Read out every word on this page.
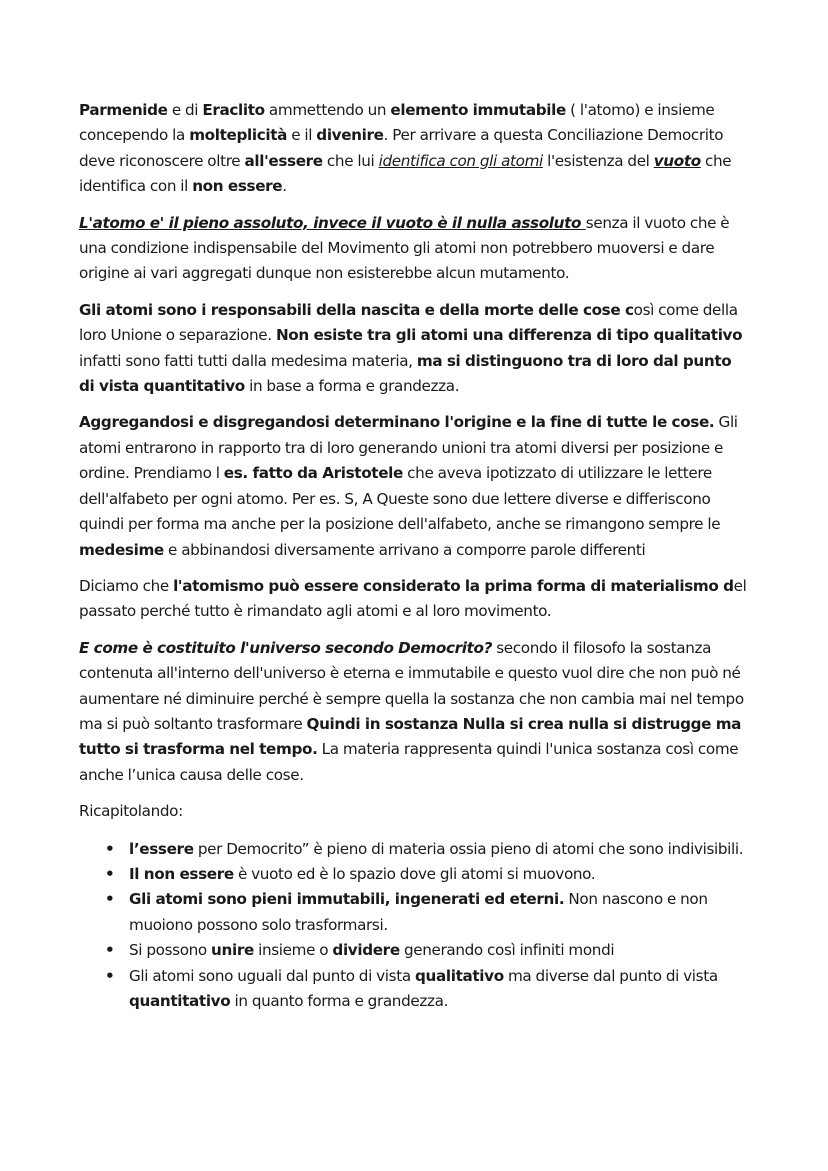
Parmenide e di Eraclito ammettendo un elemento immutabile ( l'atomo) e insieme concependo la molteplicità e il divenire. Per arrivare a questa Conciliazione Democrito deve riconoscere oltre all'essere che lui identifica con gli atomi l'esistenza del vuoto che identifica con il non essere.

L'atomo e' il pieno assoluto, invece il vuoto è il nulla assoluto senza il vuoto che è una condizione indispensabile del Movimento gli atomi non potrebbero muoversi e dare origine ai vari aggregati dunque non esisterebbe alcun mutamento.

Gli atomi sono i responsabili della nascita e della morte delle cose così come della loro Unione o separazione. Non esiste tra gli atomi una differenza di tipo qualitativo infatti sono fatti tutti dalla medesima materia, ma si distinguono tra di loro dal punto di vista quantitativo in base a forma e grandezza.

Aggregandosi e disgregandosi determinano l'origine e la fine di tutte le cose. Gli atomi entrarono in rapporto tra di loro generando unioni tra atomi diversi per posizione e ordine. Prendiamo l es. fatto da Aristotele che aveva ipotizzato di utilizzare le lettere dell'alfabeto per ogni atomo. Per es. S, A Queste sono due lettere diverse e differiscono quindi per forma ma anche per la posizione dell'alfabeto, anche se rimangono sempre le medesime e abbinandosi diversamente arrivano a comporre parole differenti

Diciamo che l'atomismo può essere considerato la prima forma di materialismo del passato perché tutto è rimandato agli atomi e al loro movimento.

E come è costituito l'universo secondo Democrito? secondo il filosofo la sostanza contenuta all'interno dell'universo è eterna e immutabile e questo vuol dire che non può né aumentare né diminuire perché è sempre quella la sostanza che non cambia mai nel tempo ma si può soltanto trasformare Quindi in sostanza Nulla si crea nulla si distrugge ma tutto si trasforma nel tempo. La materia rappresenta quindi l'unica sostanza così come anche l’unica causa delle cose.

Ricapitolando:

• l’essere per Democrito” è pieno di materia ossia pieno di atomi che sono indivisibili.
• Il non essere è vuoto ed è lo spazio dove gli atomi si muovono.
• Gli atomi sono pieni immutabili, ingenerati ed eterni. Non nascono e non muoiono possono solo trasformarsi.
• Si possono unire insieme o dividere generando così infiniti mondi
• Gli atomi sono uguali dal punto di vista qualitativo ma diverse dal punto di vista quantitativo in quanto forma e grandezza.
